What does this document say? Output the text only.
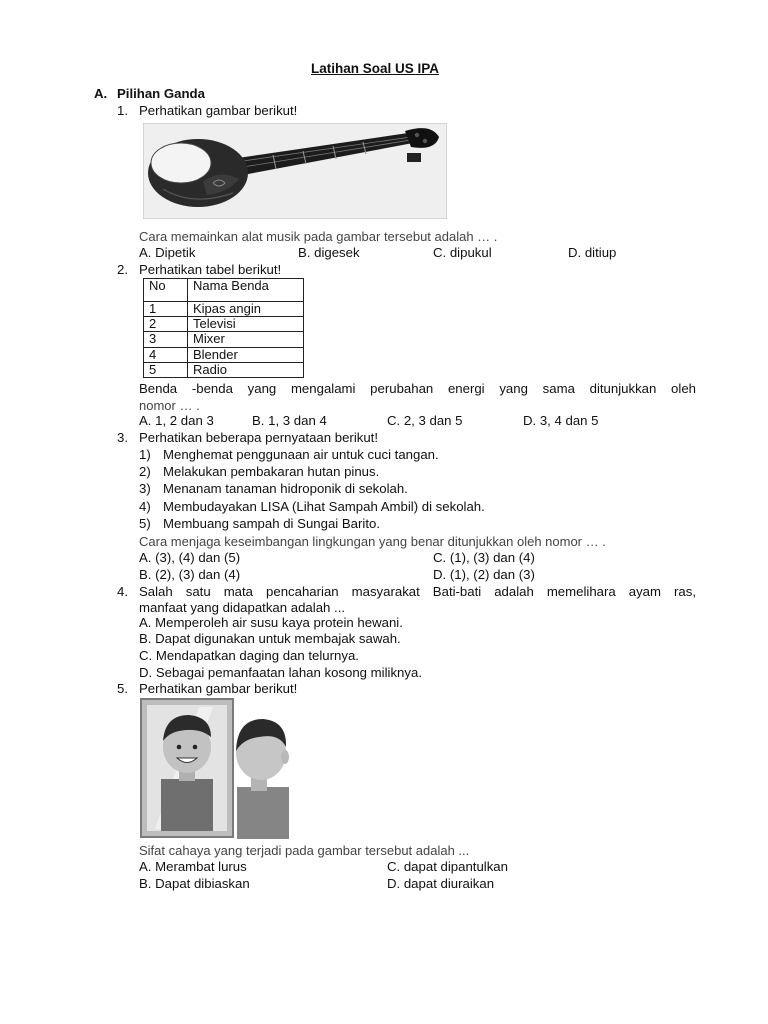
Latihan Soal US IPA
A. Pilihan Ganda
1. Perhatikan gambar berikut!
Cara memainkan alat musik pada gambar tersebut adalah … .
A. Dipetik	B. digesek	C. dipukul	D. ditiup
2. Perhatikan tabel berikut!
No	Nama Benda
1	Kipas angin
2	Televisi
3	Mixer
4	Blender
5	Radio
Benda -benda yang mengalami perubahan energi yang sama ditunjukkan oleh
nomor … .
A. 1, 2 dan 3	B. 1, 3 dan 4	C. 2, 3 dan 5	D. 3, 4 dan 5
3. Perhatikan beberapa pernyataan berikut!
1) Menghemat penggunaan air untuk cuci tangan.
2) Melakukan pembakaran hutan pinus.
3) Menanam tanaman hidroponik di sekolah.
4) Membudayakan LISA (Lihat Sampah Ambil) di sekolah.
5) Membuang sampah di Sungai Barito.
Cara menjaga keseimbangan lingkungan yang benar ditunjukkan oleh nomor … .
A. (3), (4) dan (5)	C. (1), (3) dan (4)
B. (2), (3) dan (4)	D. (1), (2) dan (3)
4. Salah satu mata pencaharian masyarakat Bati-bati adalah memelihara ayam ras,
manfaat yang didapatkan adalah ...
A. Memperoleh air susu kaya protein hewani.
B. Dapat digunakan untuk membajak sawah.
C. Mendapatkan daging dan telurnya.
D. Sebagai pemanfaatan lahan kosong miliknya.
5. Perhatikan gambar berikut!
Sifat cahaya yang terjadi pada gambar tersebut adalah ...
A. Merambat lurus	C. dapat dipantulkan
B. Dapat dibiaskan	D. dapat diuraikan
